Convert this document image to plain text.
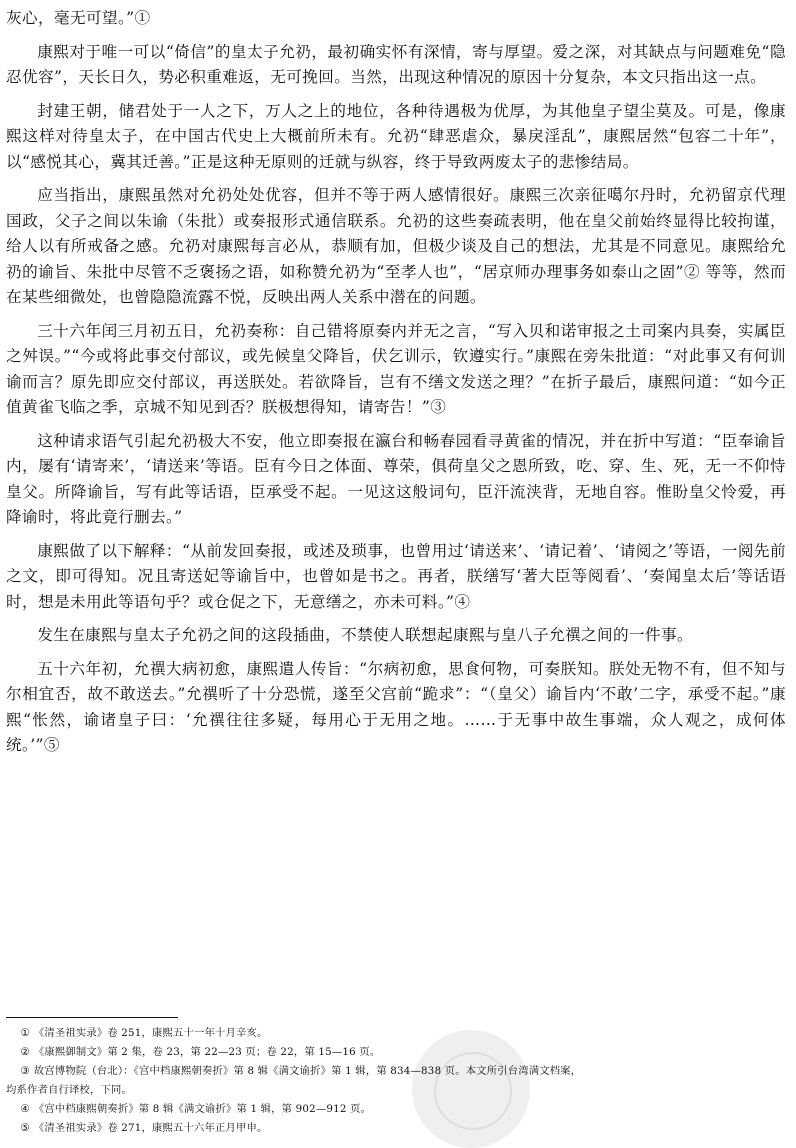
灰心，毫无可望。”①

康熙对于唯一可以“倚信”的皇太子允礽，最初确实怀有深情，寄与厚望。爱之深，对其缺点与问题难免“隐忍优容”，天长日久，势必积重难返，无可挽回。当然，出现这种情况的原因十分复杂，本文只指出这一点。

封建王朝，储君处于一人之下，万人之上的地位，各种待遇极为优厚，为其他皇子望尘莫及。可是，像康熙这样对待皇太子，在中国古代史上大概前所未有。允礽“肆恶虐众，暴戾淫乱”，康熙居然“包容二十年”，以“感悦其心，冀其迁善。”正是这种无原则的迁就与纵容，终于导致两废太子的悲惨结局。

应当指出，康熙虽然对允礽处处优容，但并不等于两人感情很好。康熙三次亲征噶尔丹时，允礽留京代理国政，父子之间以朱谕（朱批）或奏报形式通信联系。允礽的这些奏疏表明，他在皇父前始终显得比较拘谨，给人以有所戒备之感。允礽对康熙每言必从，恭顺有加，但极少谈及自己的想法，尤其是不同意见。康熙给允礽的谕旨、朱批中尽管不乏褒扬之语，如称赞允礽为“至孝人也”，“居京师办理事务如泰山之固”② 等等，然而在某些细微处，也曾隐隐流露不悦，反映出两人关系中潜在的问题。

三十六年闰三月初五日，允礽奏称：自己错将原奏内并无之言，“写入贝和诺审报之土司案内具奏，实属臣之舛误。”“今或将此事交付部议，或先候皇父降旨，伏乞训示，钦遵实行。”康熙在旁朱批道：“对此事又有何训谕而言？原先即应交付部议，再送朕处。若欲降旨，岂有不缮文发送之理？”在折子最后，康熙问道：“如今正值黄雀飞临之季，京城不知见到否？朕极想得知，请寄告！”③

这种请求语气引起允礽极大不安，他立即奏报在瀛台和畅春园看寻黄雀的情况，并在折中写道：“臣奉谕旨内，屡有‘请寄来’，‘请送来’等语。臣有今日之体面、尊荣，俱荷皇父之恩所致，吃、穿、生、死，无一不仰恃皇父。所降谕旨，写有此等话语，臣承受不起。一见这这般词句，臣汗流浃背，无地自容。惟盼皇父怜爱，再降谕时，将此竟行删去。”

康熙做了以下解释：“从前发回奏报，或述及琐事，也曾用过‘请送来’、‘请记着’、‘请阅之’等语，一阅先前之文，即可得知。况且寄送妃等谕旨中，也曾如是书之。再者，朕缮写‘著大臣等阅看’、‘奏闻皇太后’等话语时，想是未用此等语句乎？或仓促之下，无意缮之，亦未可料。”④

发生在康熙与皇太子允礽之间的这段插曲，不禁使人联想起康熙与皇八子允禩之间的一件事。

五十六年初，允禩大病初愈，康熙遣人传旨：“尔病初愈，思食何物，可奏朕知。朕处无物不有，但不知与尔相宜否，故不敢送去。”允禩听了十分恐慌，遂至父宫前“跪求”：“（皇父）谕旨内‘不敢’二字，承受不起。”康熙“怅然，谕诸皇子曰：‘允禩往往多疑，每用心于无用之地。……于无事中故生事端，众人观之，成何体统。’”⑤

① 《清圣祖实录》卷 251，康熙五十一年十月辛亥。

② 《康熙御制文》第 2 集，卷 23，第 22—23 页；卷 22，第 15—16 页。

③ 故宫博物院（台北）：《宫中档康熙朝奏折》第 8 辑《满文谕折》第 1 辑，第 834—838 页。本文所引台湾满文档案，

均系作者自行译校，下同。

④ 《宫中档康熙朝奏折》第 8 辑《满文谕折》第 1 辑，第 902—912 页。

⑤ 《清圣祖实录》卷 271，康熙五十六年正月甲申。
